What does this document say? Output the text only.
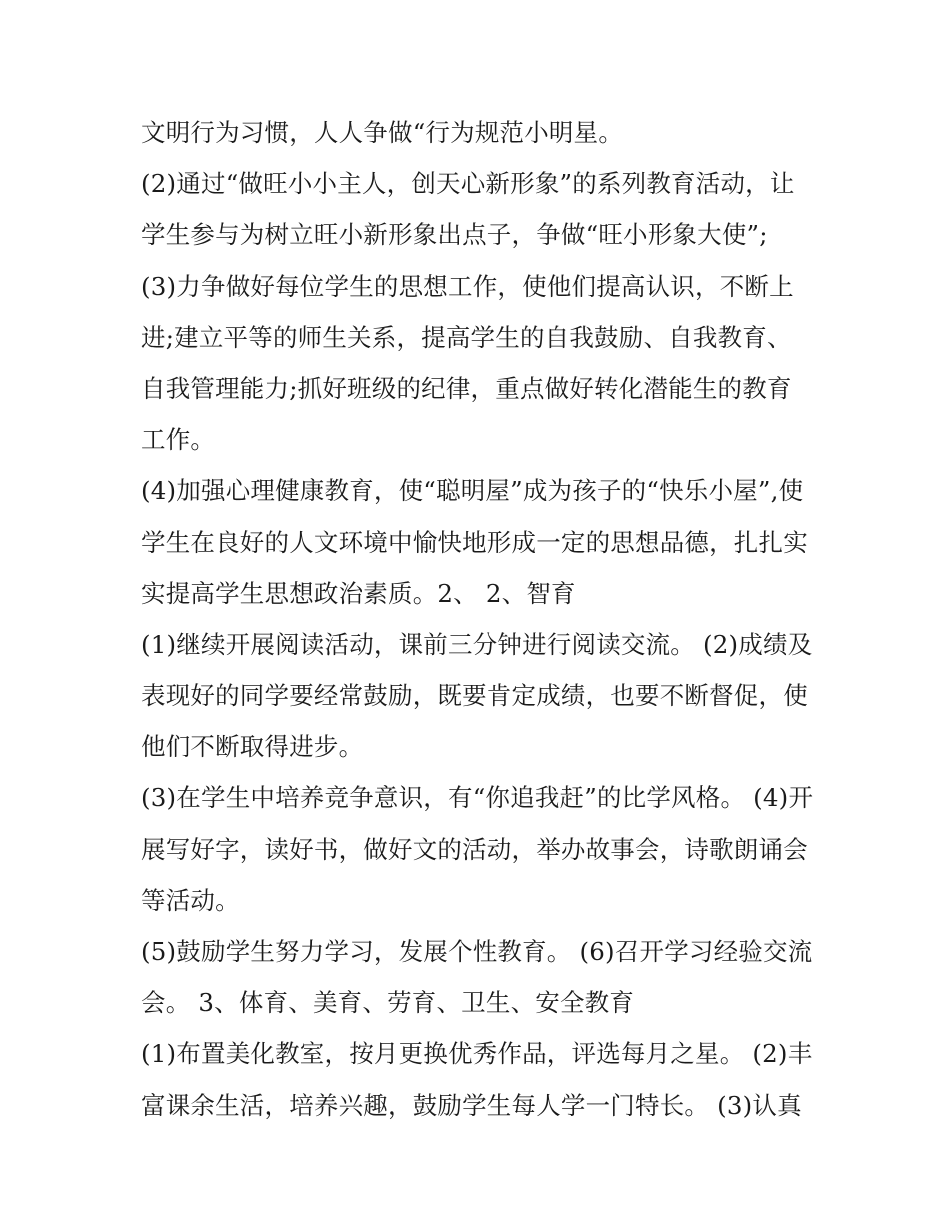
文明行为习惯，人人争做“行为规范小明星。
(2)通过“做旺小小主人，创天心新形象”的系列教育活动，让
学生参与为树立旺小新形象出点子，争做“旺小形象大使”;
(3)力争做好每位学生的思想工作，使他们提高认识，不断上
进;建立平等的师生关系，提高学生的自我鼓励、自我教育、
自我管理能力;抓好班级的纪律，重点做好转化潜能生的教育
工作。
(4)加强心理健康教育，使“聪明屋”成为孩子的“快乐小屋”,使
学生在良好的人文环境中愉快地形成一定的思想品德，扎扎实
实提高学生思想政治素质。2、 2、智育
(1)继续开展阅读活动，课前三分钟进行阅读交流。 (2)成绩及
表现好的同学要经常鼓励，既要肯定成绩，也要不断督促，使
他们不断取得进步。
(3)在学生中培养竞争意识，有“你追我赶”的比学风格。 (4)开
展写好字，读好书，做好文的活动，举办故事会，诗歌朗诵会
等活动。
(5)鼓励学生努力学习，发展个性教育。 (6)召开学习经验交流
会。 3、体育、美育、劳育、卫生、安全教育
(1)布置美化教室，按月更换优秀作品，评选每月之星。 (2)丰
富课余生活，培养兴趣，鼓励学生每人学一门特长。 (3)认真
